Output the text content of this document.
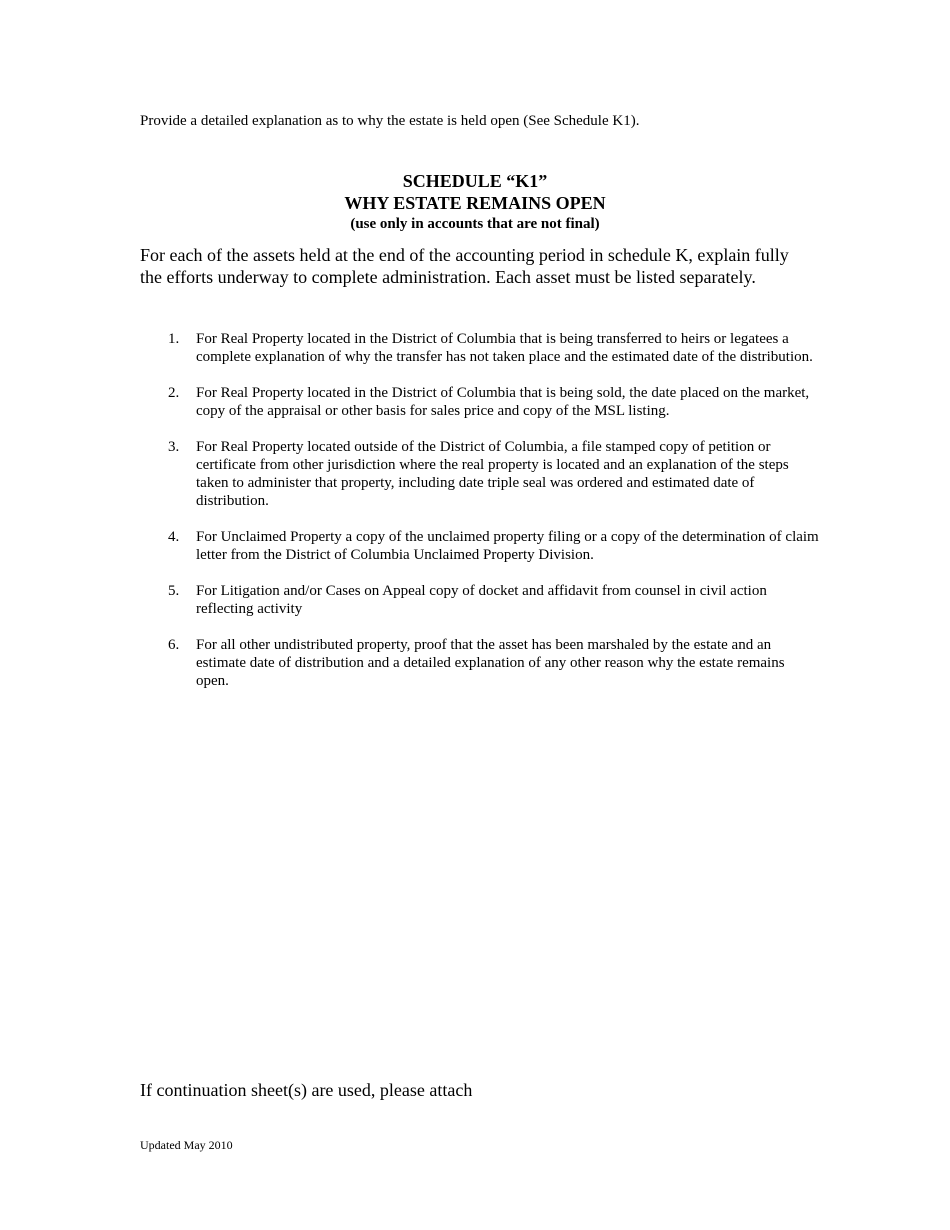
Provide a detailed explanation as to why the estate is held open (See Schedule K1).
SCHEDULE “K1”
WHY ESTATE REMAINS OPEN
(use only in accounts that are not final)
For each of the assets held at the end of the accounting period in schedule K, explain fully the efforts underway to complete administration. Each asset must be listed separately.
1. For Real Property located in the District of Columbia that is being transferred to heirs or legatees a complete explanation of why the transfer has not taken place and the estimated date of the distribution.
2. For Real Property located in the District of Columbia that is being sold, the date placed on the market, copy of the appraisal or other basis for sales price and copy of the MSL listing.
3. For Real Property located outside of the District of Columbia, a file stamped copy of petition or certificate from other jurisdiction where the real property is located and an explanation of the steps taken to administer that property, including date triple seal was ordered and estimated date of distribution.
4. For Unclaimed Property a copy of the unclaimed property filing or a copy of the determination of claim letter from the District of Columbia Unclaimed Property Division.
5. For Litigation and/or Cases on Appeal copy of docket and affidavit from counsel in civil action reflecting activity
6. For all other undistributed property, proof that the asset has been marshaled by the estate and an estimate date of distribution and a detailed explanation of any other reason why the estate remains open.
If continuation sheet(s) are used, please attach
Updated May 2010
